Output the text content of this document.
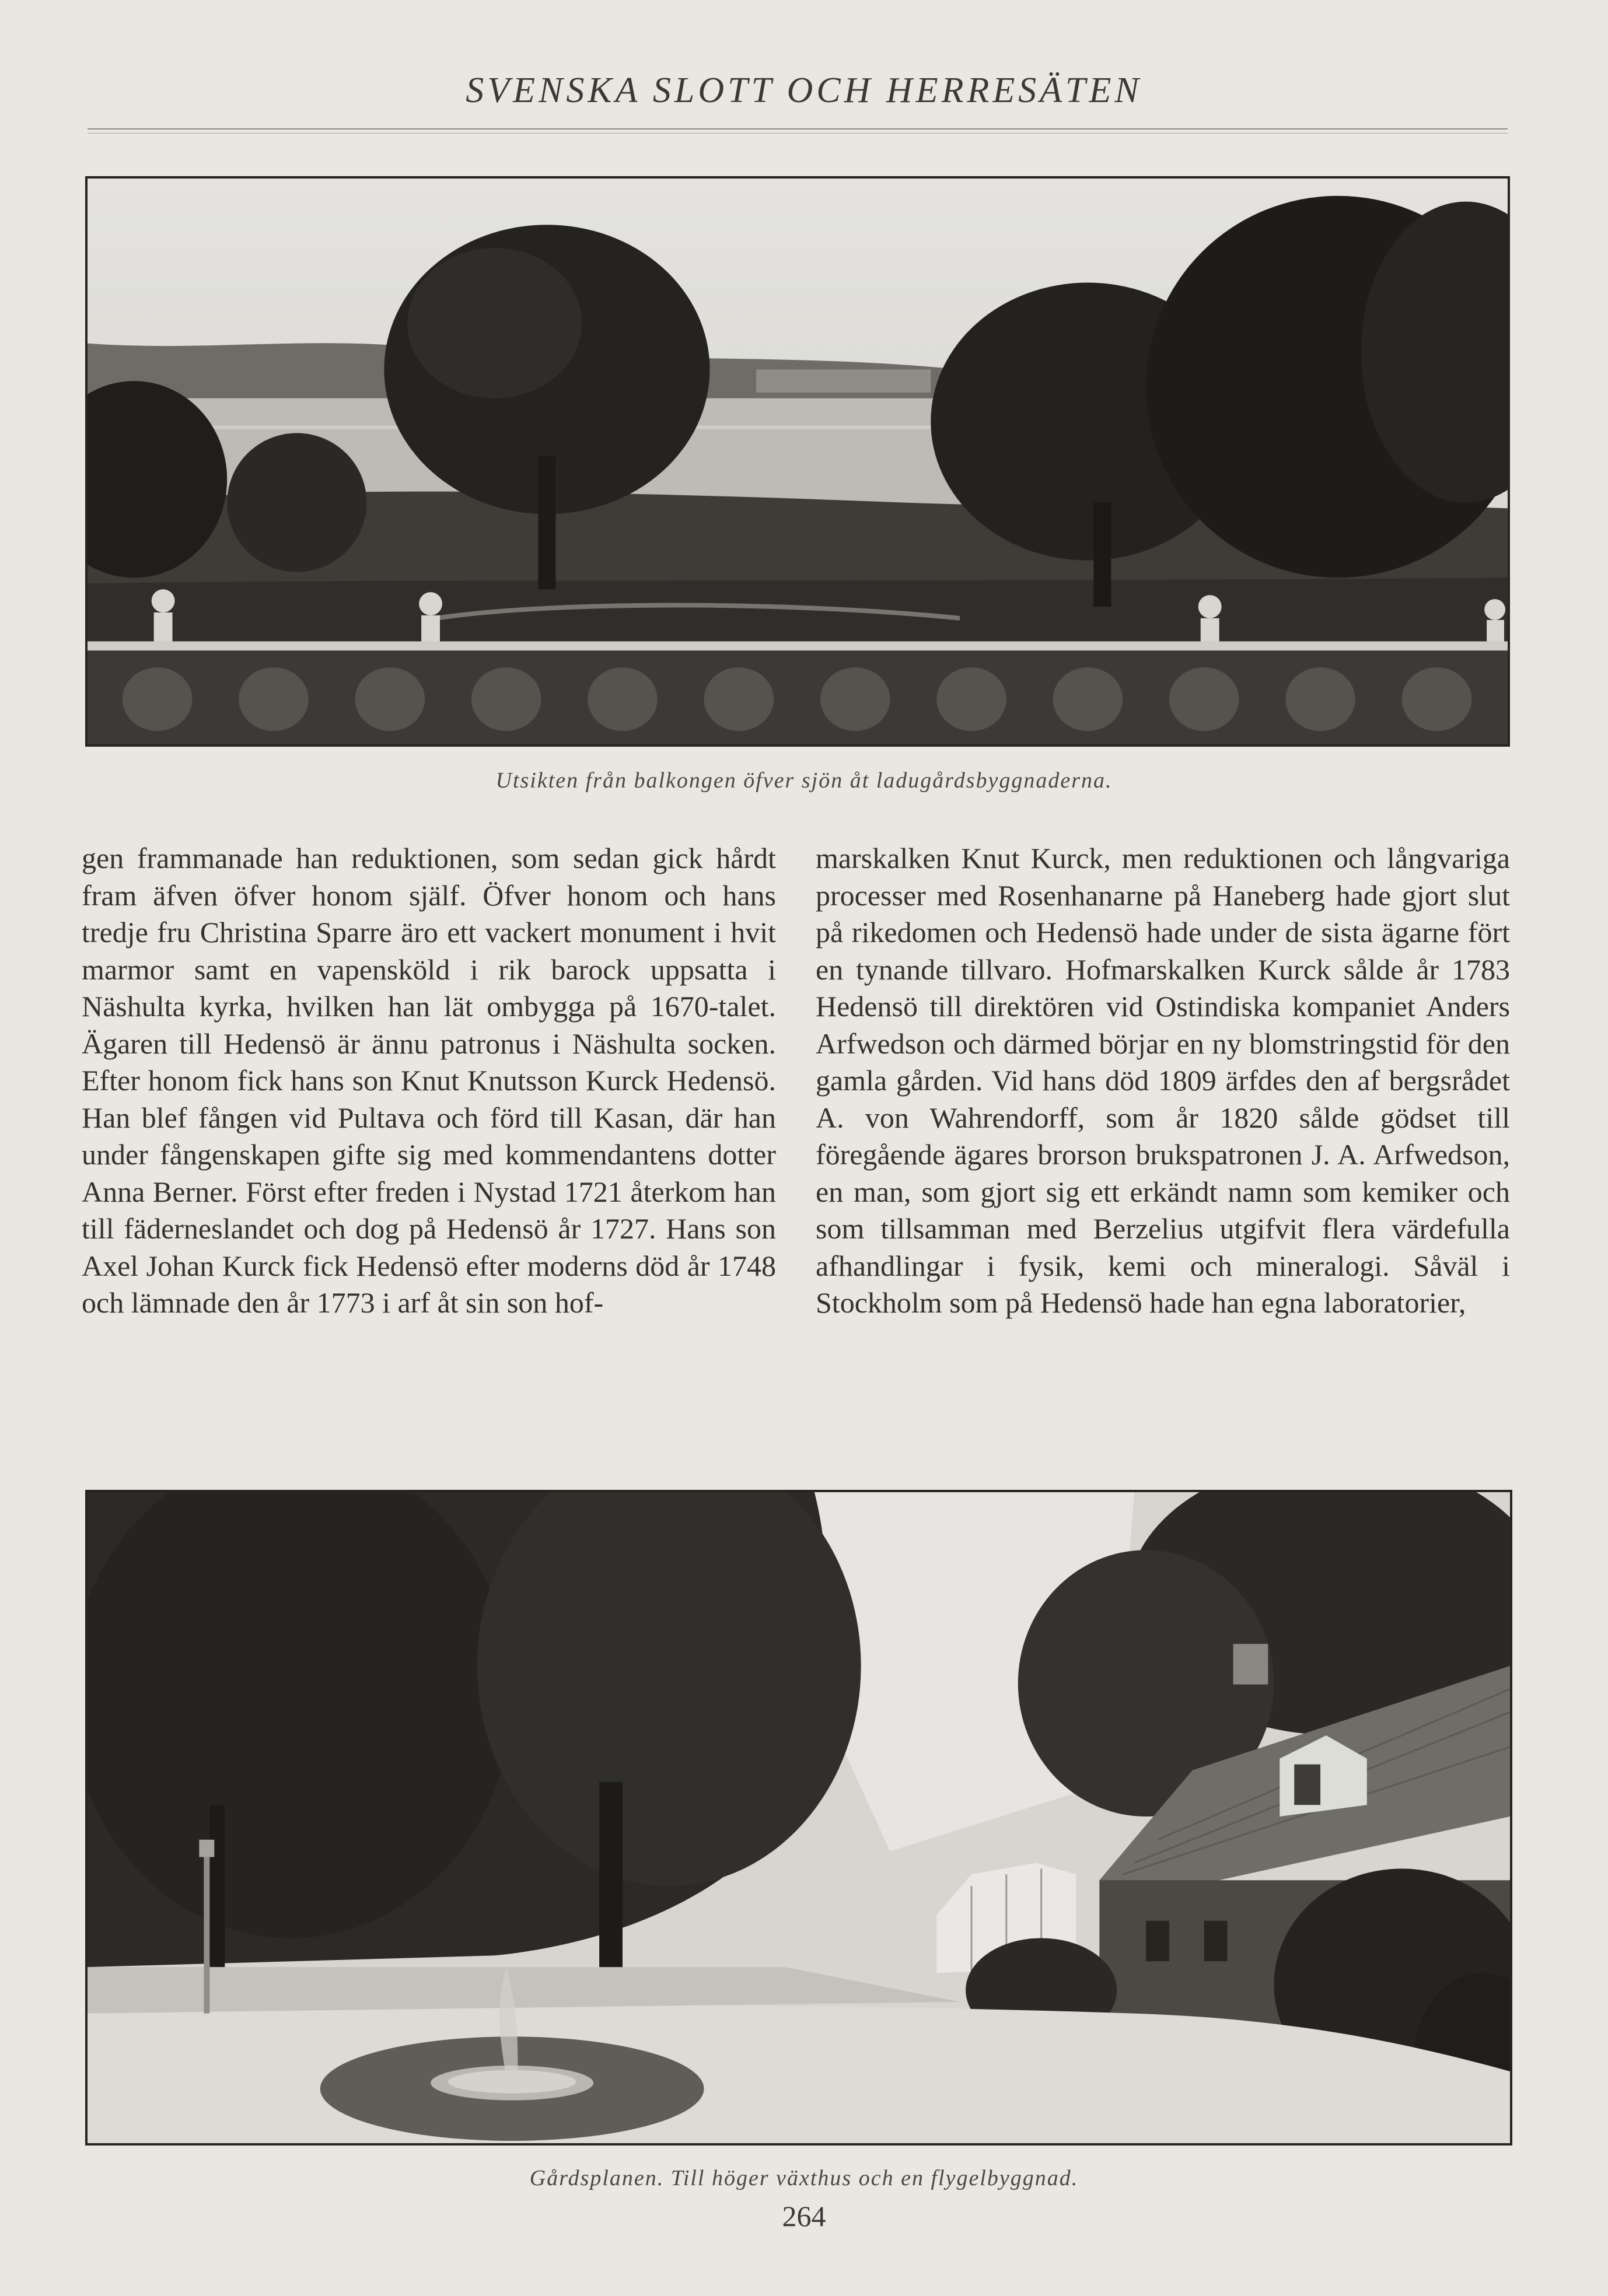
SVENSKA SLOTT OCH HERRESÄTEN
Utsikten från balkongen öfver sjön åt ladugårdsbyggnaderna.

gen frammanade han reduktionen, som sedan gick hårdt fram äfven öfver honom själf. Öfver honom och hans tredje fru Christina Sparre äro ett vackert monument i hvit marmor samt en vapensköld i rik barock uppsatta i Näshulta kyrka, hvilken han lät ombygga på 1670-talet. Ägaren till Hedensö är ännu patronus i Näshulta socken. Efter honom fick hans son Knut Knutsson Kurck Hedensö. Han blef fången vid Pultava och förd till Kasan, där han under fångenskapen gifte sig med kommendantens dotter Anna Berner. Först efter freden i Nystad 1721 återkom han till fäderneslandet och dog på Hedensö år 1727. Hans son Axel Johan Kurck fick Hedensö efter moderns död år 1748 och lämnade den år 1773 i arf åt sin son hof-

marskalken Knut Kurck, men reduktionen och långvariga processer med Rosenhanarne på Haneberg hade gjort slut på rikedomen och Hedensö hade under de sista ägarne fört en tynande tillvaro. Hofmarskalken Kurck sålde år 1783 Hedensö till direktören vid Ostindiska kompaniet Anders Arfwedson och därmed börjar en ny blomstringstid för den gamla gården. Vid hans död 1809 ärfdes den af bergsrådet A. von Wahrendorff, som år 1820 sålde gödset till föregående ägares brorson brukspatronen J. A. Arfwedson, en man, som gjort sig ett erkändt namn som kemiker och som tillsamman med Berzelius utgifvit flera värdefulla afhandlingar i fysik, kemi och mineralogi. Såväl i Stockholm som på Hedensö hade han egna laboratorier,

Gårdsplanen. Till höger växthus och en flygelbyggnad.
264
